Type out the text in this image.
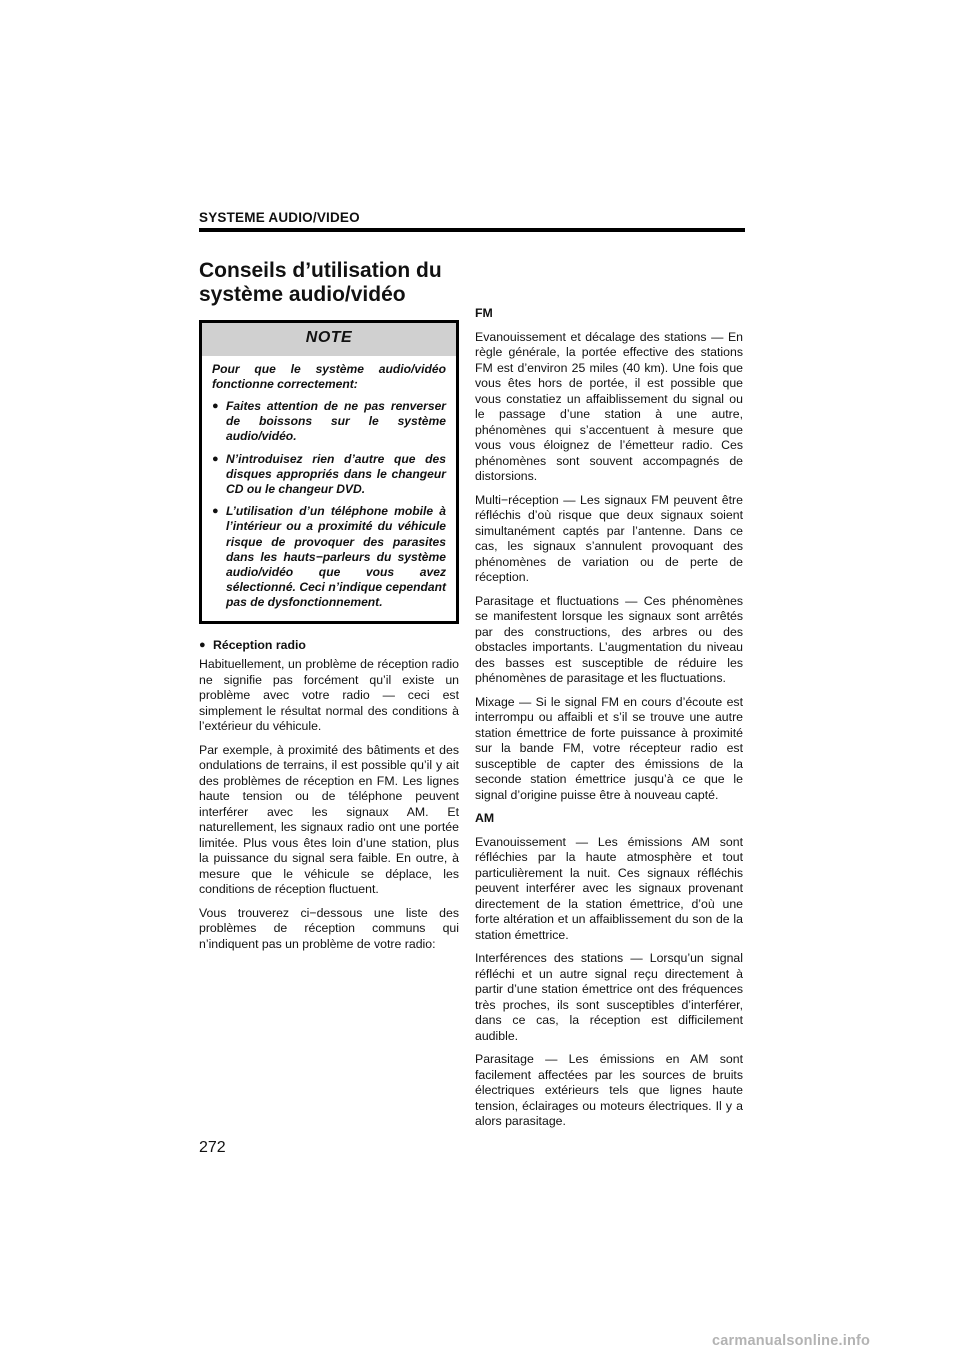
SYSTEME AUDIO/VIDEO
Conseils d’utilisation du
système audio/vidéo
NOTE

Pour que le système audio/vidéo fonctionne correctement:

● Faites attention de ne pas renverser de boissons sur le système audio/vidéo.
● N’introduisez rien d’autre que des disques appropriés dans le changeur CD ou le changeur DVD.
● L’utilisation d’un téléphone mobile à l’intérieur ou a proximité du véhicule risque de provoquer des parasites dans les hauts−parleurs du système audio/vidéo que vous avez sélectionné. Ceci n’indique cependant pas de dysfonctionnement.
● Réception radio

Habituellement, un problème de réception radio ne signifie pas forcément qu’il existe un problème avec votre radio — ceci est simplement le résultat normal des conditions à l’extérieur du véhicule.

Par exemple, à proximité des bâtiments et des ondulations de terrains, il est possible qu’il y ait des problèmes de réception en FM. Les lignes haute tension ou de téléphone peuvent interférer avec les signaux AM. Et naturellement, les signaux radio ont une portée limitée. Plus vous êtes loin d’une station, plus la puissance du signal sera faible. En outre, à mesure que le véhicule se déplace, les conditions de réception fluctuent.

Vous trouverez ci−dessous une liste des problèmes de réception communs qui n’indiquent pas un problème de votre radio:

FM

Evanouissement et décalage des stations — En règle générale, la portée effective des stations FM est d’environ 25 miles (40 km). Une fois que vous êtes hors de portée, il est possible que vous constatiez un affaiblissement du signal ou le passage d’une station à une autre, phénomènes qui s’accentuent à mesure que vous vous éloignez de l’émetteur radio. Ces phénomènes sont souvent accompagnés de distorsions.

Multi−réception — Les signaux FM peuvent être réfléchis d’où risque que deux signaux soient simultanément captés par l’antenne. Dans ce cas, les signaux s’annulent provoquant des phénomènes de variation ou de perte de réception.

Parasitage et fluctuations — Ces phénomènes se manifestent lorsque les signaux sont arrêtés par des constructions, des arbres ou des obstacles importants. L’augmentation du niveau des basses est susceptible de réduire les phénomènes de parasitage et les fluctuations.

Mixage — Si le signal FM en cours d’écoute est interrompu ou affaibli et s’il se trouve une autre station émettrice de forte puissance à proximité sur la bande FM, votre récepteur radio est susceptible de capter des émissions de la seconde station émettrice jusqu’à ce que le signal d’origine puisse être à nouveau capté.

AM

Evanouissement — Les émissions AM sont réfléchies par la haute atmosphère et tout particulièrement la nuit. Ces signaux réfléchis peuvent interférer avec les signaux provenant directement de la station émettrice, d’où une forte altération et un affaiblissement du son de la station émettrice.

Interférences des stations — Lorsqu’un signal réfléchi et un autre signal reçu directement à partir d’une station émettrice ont des fréquences très proches, ils sont susceptibles d’interférer, dans ce cas, la réception est difficilement audible.

Parasitage — Les émissions en AM sont facilement affectées par les sources de bruits électriques extérieurs tels que lignes haute tension, éclairages ou moteurs électriques. Il y a alors parasitage.

272
carmanualsonline.info
